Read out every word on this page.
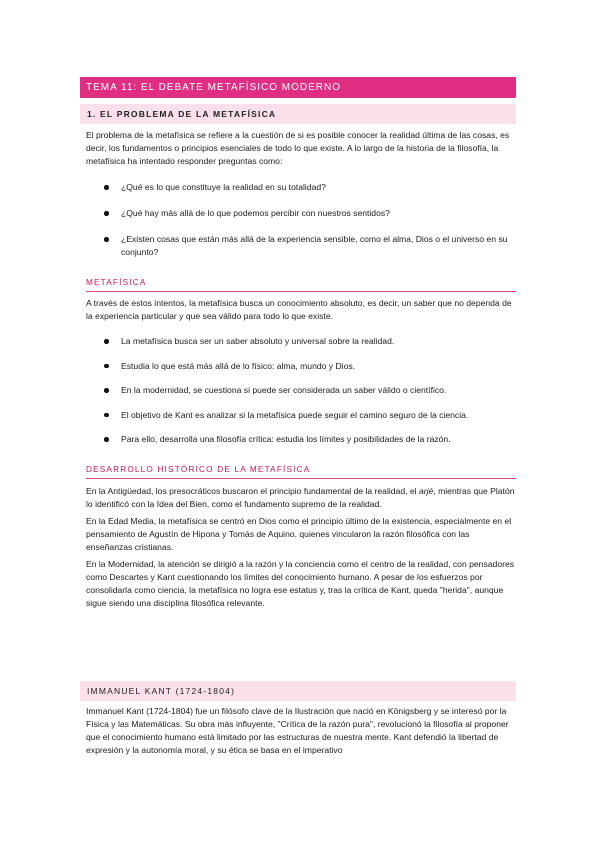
TEMA 11: EL DEBATE METAFÍSICO MODERNO
1. EL PROBLEMA DE LA METAFÍSICA
El problema de la metafísica se refiere a la cuestión de si es posible conocer la realidad última de las cosas, es decir, los fundamentos o principios esenciales de todo lo que existe. A lo largo de la historia de la filosofía, la metafísica ha intentado responder preguntas como:
¿Qué es lo que constituye la realidad en su totalidad?
¿Qué hay más allá de lo que podemos percibir con nuestros sentidos?
¿Existen cosas que están más allá de la experiencia sensible, como el alma, Dios o el universo en su conjunto?
METAFÍSICA
A través de estos intentos, la metafísica busca un conocimiento absoluto, es decir, un saber que no dependa de la experiencia particular y que sea válido para todo lo que existe.
La metafísica busca ser un saber absoluto y universal sobre la realidad.
Estudia lo que está más allá de lo físico: alma, mundo y Dios.
En la modernidad, se cuestiona si puede ser considerada un saber válido o científico.
El objetivo de Kant es analizar si la metafísica puede seguir el camino seguro de la ciencia.
Para ello, desarrolla una filosofía crítica: estudia los límites y posibilidades de la razón.
DESARROLLO HISTÓRICO DE LA METAFÍSICA
En la Antigüedad, los presocráticos buscaron el principio fundamental de la realidad, el arjé, mientras que Platón lo identificó con la Idea del Bien, como el fundamento supremo de la realidad.
En la Edad Media, la metafísica se centró en Dios como el principio último de la existencia, especialmente en el pensamiento de Agustín de Hipona y Tomás de Aquino, quienes vincularon la razón filosófica con las enseñanzas cristianas.
En la Modernidad, la atención se dirigió a la razón y la conciencia como el centro de la realidad, con pensadores como Descartes y Kant cuestionando los límites del conocimiento humano. A pesar de los esfuerzos por consolidarla como ciencia, la metafísica no logra ese estatus y, tras la crítica de Kant, queda "herida", aunque sigue siendo una disciplina filosófica relevante.
IMMANUEL KANT (1724-1804)
Immanuel Kant (1724-1804) fue un filósofo clave de la Ilustración que nació en Königsberg y se interesó por la Física y las Matemáticas. Su obra más influyente, "Crítica de la razón pura", revolucionó la filosofía al proponer que el conocimiento humano está limitado por las estructuras de nuestra mente. Kant defendió la libertad de expresión y la autonomía moral, y su ética se basa en el imperativo
